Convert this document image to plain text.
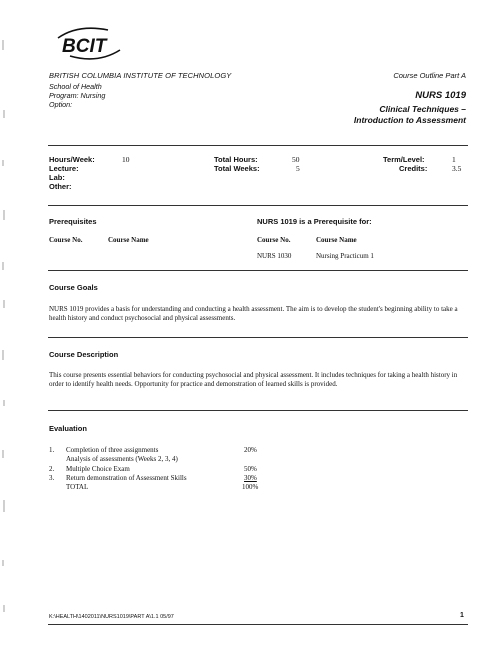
BCIT
BRITISH COLUMBIA INSTITUTE OF TECHNOLOGY
School of Health
Program: Nursing
Option:
Course Outline Part A
NURS 1019
Clinical Techniques –
Introduction to Assessment
Hours/Week:	10
Lecture:
Lab:
Other:
Total Hours:	50
Total Weeks:	5
Term/Level:	1
Credits:	3.5
Prerequisites
Course No.	Course Name
NURS 1019 is a Prerequisite for:
Course No.	Course Name
NURS 1030	Nursing Practicum 1
Course Goals
NURS 1019 provides a basis for understanding and conducting a health assessment. The aim is to develop the student's beginning ability to take a health history and conduct psychosocial and physical assessments.
Course Description
This course presents essential behaviors for conducting psychosocial and physical assessment. It includes techniques for taking a health history in order to identify health needs. Opportunity for practice and demonstration of learned skills is provided.
Evaluation
1. Completion of three assignments	20%
Analysis of assessments (Weeks 2, 3, 4)
2. Multiple Choice Exam	50%
3. Return demonstration of Assessment Skills	30%
TOTAL	100%
K:\HEALTH\1402011\NURS1019\PART A\1.1 05/97	1
